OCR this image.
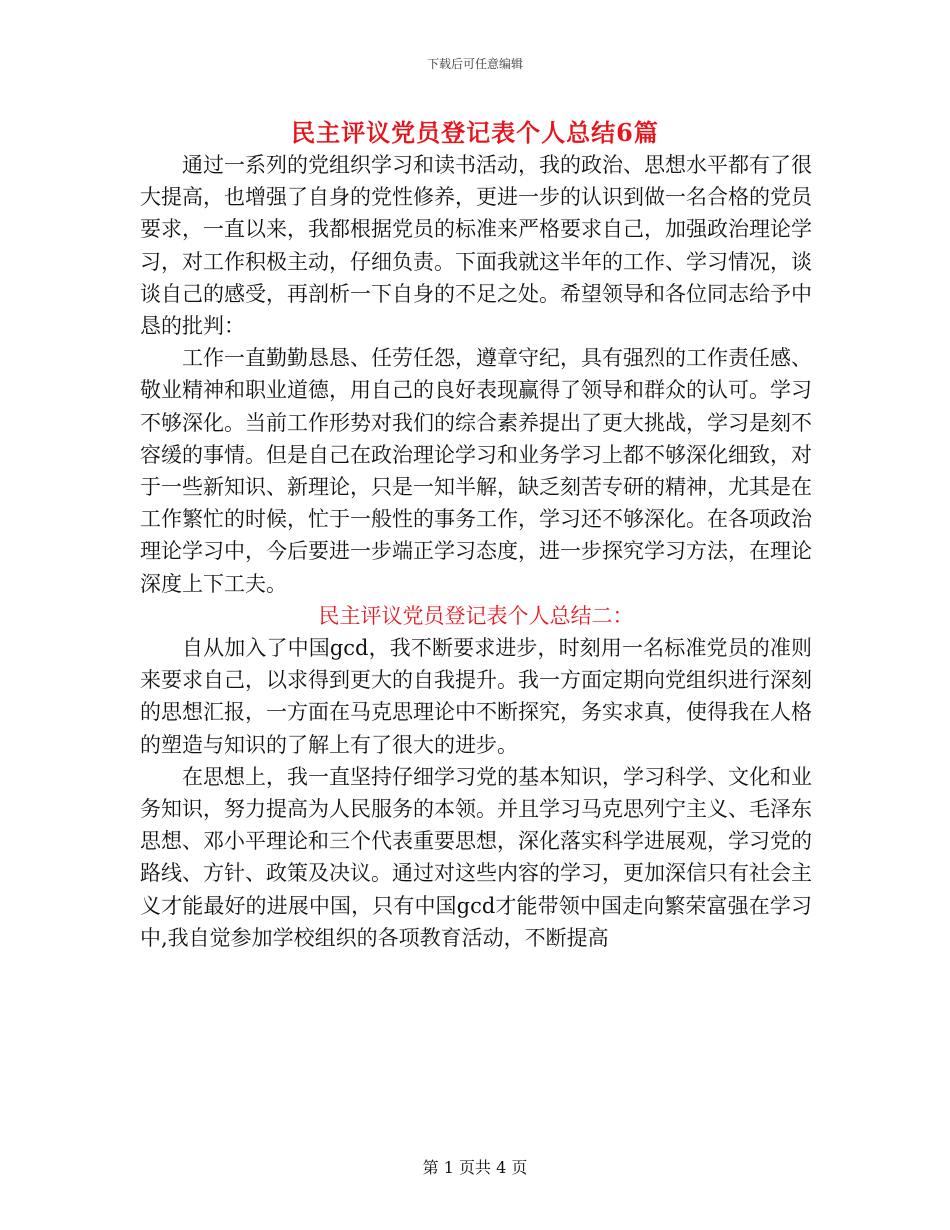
下载后可任意编辑
民主评议党员登记表个人总结6篇

通过一系列的党组织学习和读书活动，我的政治、思想水平都有了很大提高，也增强了自身的党性修养，更进一步的认识到做一名合格的党员要求，一直以来，我都根据党员的标准来严格要求自己，加强政治理论学习，对工作积极主动，仔细负责。下面我就这半年的工作、学习情况，谈谈自己的感受，再剖析一下自身的不足之处。希望领导和各位同志给予中恳的批判：

工作一直勤勤恳恳、任劳任怨，遵章守纪，具有强烈的工作责任感、敬业精神和职业道德，用自己的良好表现赢得了领导和群众的认可。学习不够深化。当前工作形势对我们的综合素养提出了更大挑战，学习是刻不容缓的事情。但是自己在政治理论学习和业务学习上都不够深化细致，对于一些新知识、新理论，只是一知半解，缺乏刻苦专研的精神，尤其是在工作繁忙的时候，忙于一般性的事务工作，学习还不够深化。在各项政治理论学习中，今后要进一步端正学习态度，进一步探究学习方法，在理论深度上下工夫。

民主评议党员登记表个人总结二：

自从加入了中国gcd，我不断要求进步，时刻用一名标准党员的准则来要求自己，以求得到更大的自我提升。我一方面定期向党组织进行深刻的思想汇报，一方面在马克思理论中不断探究，务实求真，使得我在人格的塑造与知识的了解上有了很大的进步。

在思想上，我一直坚持仔细学习党的基本知识，学习科学、文化和业务知识，努力提高为人民服务的本领。并且学习马克思列宁主义、毛泽东思想、邓小平理论和三个代表重要思想，深化落实科学进展观，学习党的路线、方针、政策及决议。通过对这些内容的学习，更加深信只有社会主义才能最好的进展中国，只有中国gcd才能带领中国走向繁荣富强在学习中,我自觉参加学校组织的各项教育活动，不断提高

第 1 页共 4 页
